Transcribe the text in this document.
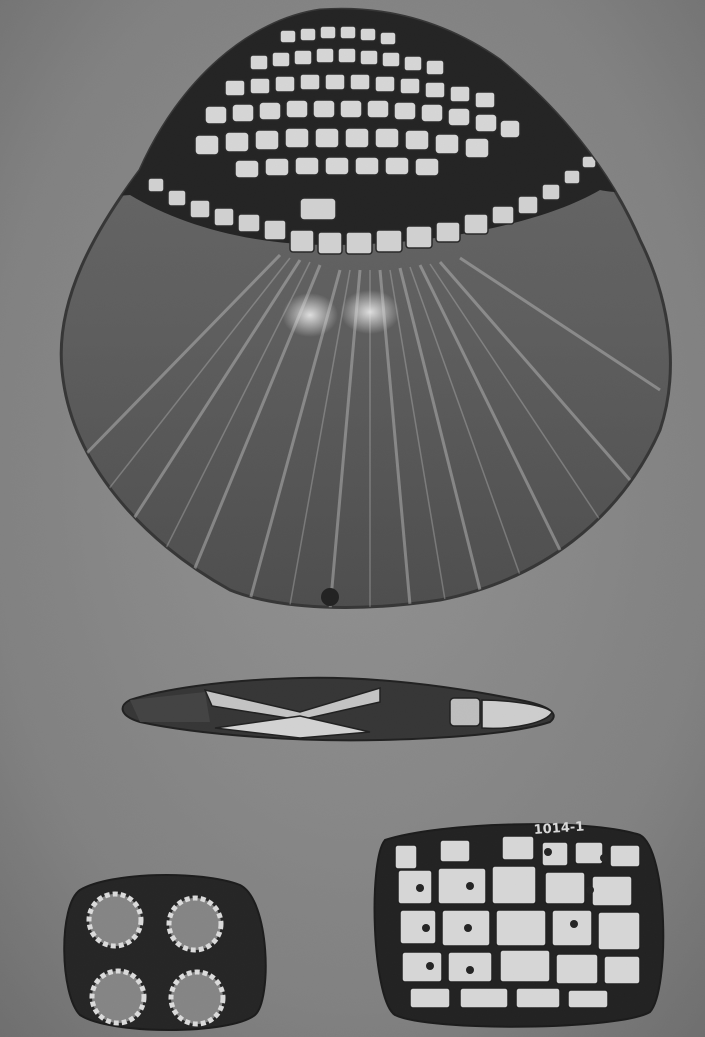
1014-1
